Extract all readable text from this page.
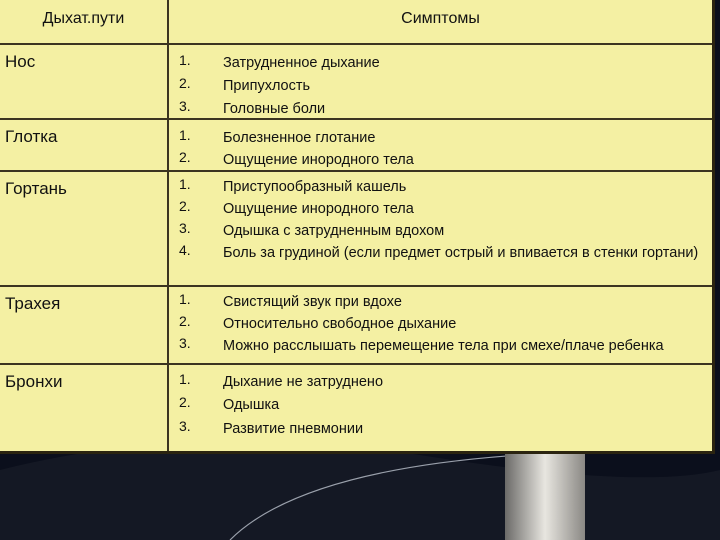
Дыхат.пути	Симптомы
Нос	1. Затрудненное дыхание
2. Припухлость
3. Головные боли
Глотка	1. Болезненное глотание
2. Ощущение инородного тела
Гортань	1. Приступообразный кашель
2. Ощущение инородного тела
3. Одышка с затрудненным вдохом
4. Боль за грудиной (если предмет острый и впивается в стенки гортани)
Трахея	1. Свистящий звук при вдохе
2. Относительно свободное дыхание
3. Можно расслышать перемещение тела при смехе/плаче ребенка
Бронхи	1. Дыхание не затруднено
2. Одышка
3. Развитие пневмонии
